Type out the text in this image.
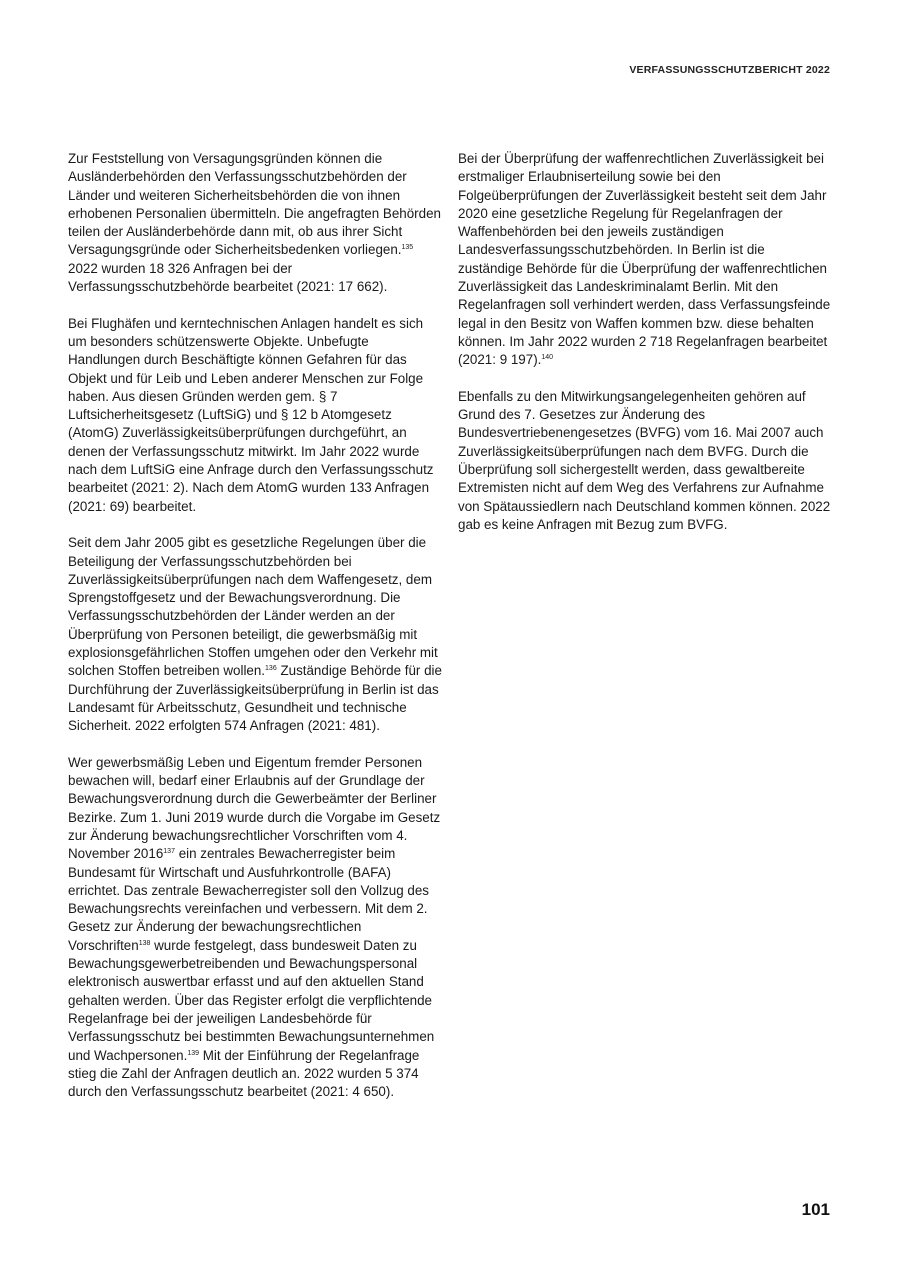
VERFASSUNGSSCHUTZBERICHT 2022

Zur Feststellung von Versagungsgründen können die Ausländerbehörden den Verfassungsschutzbehörden der Länder und weiteren Sicherheitsbehörden die von ihnen erhobenen Personalien übermitteln. Die angefragten Behörden teilen der Ausländerbehörde dann mit, ob aus ihrer Sicht Versagungsgründe oder Sicherheitsbedenken vorliegen.$^{135}$ 2022 wurden 18 326 Anfragen bei der Verfassungsschutzbehörde bearbeitet (2021: 17 662).

Bei Flughäfen und kerntechnischen Anlagen handelt es sich um besonders schützenswerte Objekte. Unbefugte Handlungen durch Beschäftigte können Gefahren für das Objekt und für Leib und Leben anderer Menschen zur Folge haben. Aus diesen Gründen werden gem. § 7 Luftsicherheitsgesetz (LuftSiG) und § 12 b Atomgesetz (AtomG) Zuverlässigkeitsüberprüfungen durchgeführt, an denen der Verfassungsschutz mitwirkt. Im Jahr 2022 wurde nach dem LuftSiG eine Anfrage durch den Verfassungsschutz bearbeitet (2021: 2). Nach dem AtomG wurden 133 Anfragen (2021: 69) bearbeitet.

Seit dem Jahr 2005 gibt es gesetzliche Regelungen über die Beteiligung der Verfassungsschutzbehörden bei Zuverlässigkeitsüberprüfungen nach dem Waffengesetz, dem Sprengstoffgesetz und der Bewachungsverordnung. Die Verfassungsschutzbehörden der Länder werden an der Überprüfung von Personen beteiligt, die gewerbsmäßig mit explosionsgefährlichen Stoffen umgehen oder den Verkehr mit solchen Stoffen betreiben wollen.$^{136}$ Zuständige Behörde für die Durchführung der Zuverlässigkeitsüberprüfung in Berlin ist das Landesamt für Arbeitsschutz, Gesundheit und technische Sicherheit. 2022 erfolgten 574 Anfragen (2021: 481).

Wer gewerbsmäßig Leben und Eigentum fremder Personen bewachen will, bedarf einer Erlaubnis auf der Grundlage der Bewachungsverordnung durch die Gewerbeämter der Berliner Bezirke. Zum 1. Juni 2019 wurde durch die Vorgabe im Gesetz zur Änderung bewachungsrechtlicher Vorschriften vom 4. November 2016$^{137}$ ein zentrales Bewacherregister beim Bundesamt für Wirtschaft und Ausfuhrkontrolle (BAFA) errichtet. Das zentrale Bewacherregister soll den Vollzug des Bewachungsrechts vereinfachen und verbessern. Mit dem 2. Gesetz zur Änderung der bewachungsrechtlichen Vorschriften$^{138}$ wurde festgelegt, dass bundesweit Daten zu Bewachungsgewerbetreibenden und Bewachungspersonal elektronisch auswertbar erfasst und auf den aktuellen Stand gehalten werden. Über das Register erfolgt die verpflichtende Regelanfrage bei der jeweiligen Landesbehörde für Verfassungsschutz bei bestimmten Bewachungsunternehmen und Wachpersonen.$^{139}$ Mit der Einführung der Regelanfrage stieg die Zahl der Anfragen deutlich an. 2022 wurden 5 374 durch den Verfassungsschutz bearbeitet (2021: 4 650).

Bei der Überprüfung der waffenrechtlichen Zuverlässigkeit bei erstmaliger Erlaubniserteilung sowie bei den Folgeüberprüfungen der Zuverlässigkeit besteht seit dem Jahr 2020 eine gesetzliche Regelung für Regelanfragen der Waffenbehörden bei den jeweils zuständigen Landesverfassungsschutzbehörden. In Berlin ist die zuständige Behörde für die Überprüfung der waffenrechtlichen Zuverlässigkeit das Landeskriminalamt Berlin. Mit den Regelanfragen soll verhindert werden, dass Verfassungsfeinde legal in den Besitz von Waffen kommen bzw. diese behalten können. Im Jahr 2022 wurden 2 718 Regelanfragen bearbeitet (2021: 9 197).$^{140}$

Ebenfalls zu den Mitwirkungsangelegenheiten gehören auf Grund des 7. Gesetzes zur Änderung des Bundesvertriebenengesetzes (BVFG) vom 16. Mai 2007 auch Zuverlässigkeitsüberprüfungen nach dem BVFG. Durch die Überprüfung soll sichergestellt werden, dass gewaltbereite Extremisten nicht auf dem Weg des Verfahrens zur Aufnahme von Spätaussiedlern nach Deutschland kommen können. 2022 gab es keine Anfragen mit Bezug zum BVFG.

101
